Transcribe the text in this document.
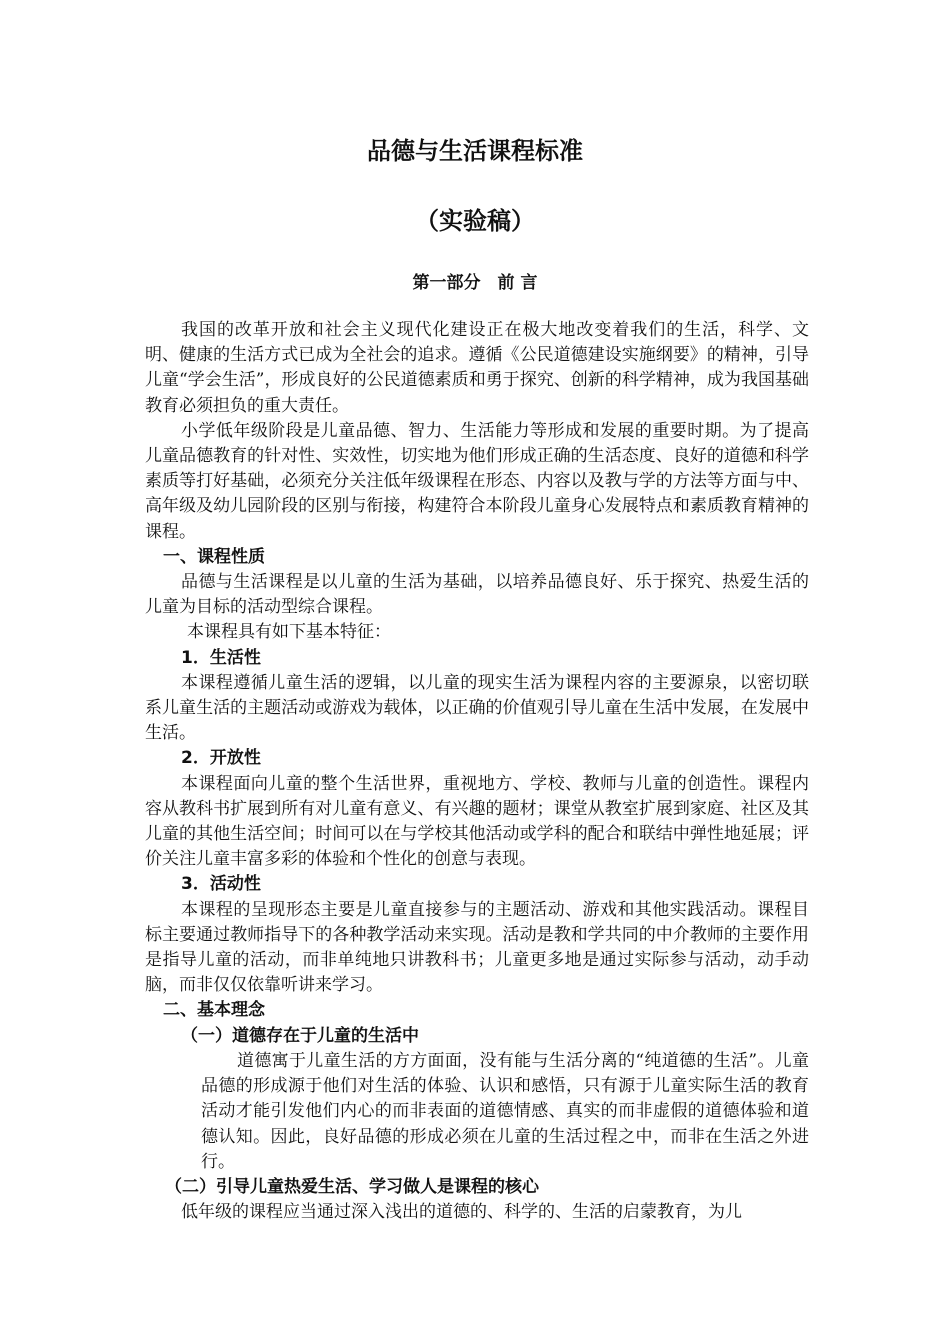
品德与生活课程标准
（实验稿）
第一部分　前 言

我国的改革开放和社会主义现代化建设正在极大地改变着我们的生活，科学、文明、健康的生活方式已成为全社会的追求。遵循《公民道德建设实施纲要》的精神，引导儿童“学会生活”，形成良好的公民道德素质和勇于探究、创新的科学精神，成为我国基础教育必须担负的重大责任。

小学低年级阶段是儿童品德、智力、生活能力等形成和发展的重要时期。为了提高儿童品德教育的针对性、实效性，切实地为他们形成正确的生活态度、良好的道德和科学素质等打好基础，必须充分关注低年级课程在形态、内容以及教与学的方法等方面与中、高年级及幼儿园阶段的区别与衔接，构建符合本阶段儿童身心发展特点和素质教育精神的课程。

一、课程性质

品德与生活课程是以儿童的生活为基础，以培养品德良好、乐于探究、热爱生活的儿童为目标的活动型综合课程。

本课程具有如下基本特征：

1．生活性

本课程遵循儿童生活的逻辑，以儿童的现实生活为课程内容的主要源泉，以密切联系儿童生活的主题活动或游戏为载体，以正确的价值观引导儿童在生活中发展，在发展中生活。

2．开放性

本课程面向儿童的整个生活世界，重视地方、学校、教师与儿童的创造性。课程内容从教科书扩展到所有对儿童有意义、有兴趣的题材；课堂从教室扩展到家庭、社区及其儿童的其他生活空间；时间可以在与学校其他活动或学科的配合和联结中弹性地延展；评价关注儿童丰富多彩的体验和个性化的创意与表现。

3．活动性

本课程的呈现形态主要是儿童直接参与的主题活动、游戏和其他实践活动。课程目标主要通过教师指导下的各种教学活动来实现。活动是教和学共同的中介教师的主要作用是指导儿童的活动，而非单纯地只讲教科书；儿童更多地是通过实际参与活动，动手动脑，而非仅仅依靠听讲来学习。

二、基本理念

（一）道德存在于儿童的生活中

道德寓于儿童生活的方方面面，没有能与生活分离的“纯道德的生活”。儿童品德的形成源于他们对生活的体验、认识和感悟，只有源于儿童实际生活的教育活动才能引发他们内心的而非表面的道德情感、真实的而非虚假的道德体验和道德认知。因此，良好品德的形成必须在儿童的生活过程之中，而非在生活之外进行。

（二）引导儿童热爱生活、学习做人是课程的核心

低年级的课程应当通过深入浅出的道德的、科学的、生活的启蒙教育，为儿
